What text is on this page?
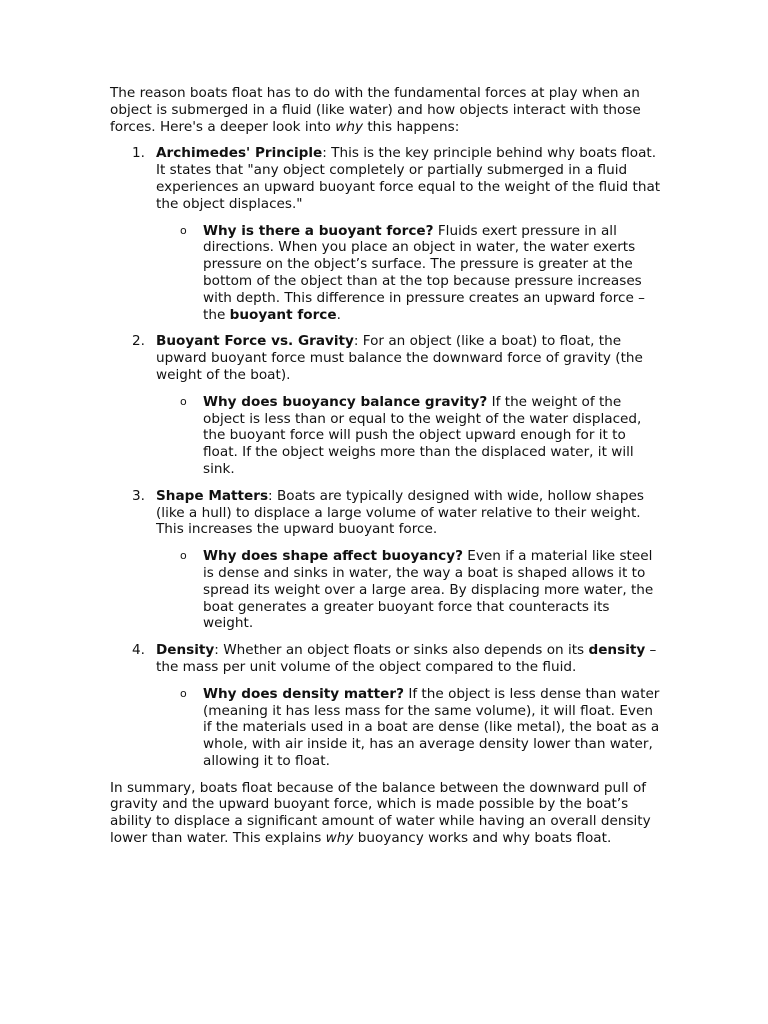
The reason boats float has to do with the fundamental forces at play when an object is submerged in a fluid (like water) and how objects interact with those forces. Here's a deeper look into why this happens:

1. Archimedes' Principle: This is the key principle behind why boats float. It states that "any object completely or partially submerged in a fluid experiences an upward buoyant force equal to the weight of the fluid that the object displaces."

o Why is there a buoyant force? Fluids exert pressure in all directions. When you place an object in water, the water exerts pressure on the object’s surface. The pressure is greater at the bottom of the object than at the top because pressure increases with depth. This difference in pressure creates an upward force – the buoyant force.

2. Buoyant Force vs. Gravity: For an object (like a boat) to float, the upward buoyant force must balance the downward force of gravity (the weight of the boat).

o Why does buoyancy balance gravity? If the weight of the object is less than or equal to the weight of the water displaced, the buoyant force will push the object upward enough for it to float. If the object weighs more than the displaced water, it will sink.

3. Shape Matters: Boats are typically designed with wide, hollow shapes (like a hull) to displace a large volume of water relative to their weight. This increases the upward buoyant force.

o Why does shape affect buoyancy? Even if a material like steel is dense and sinks in water, the way a boat is shaped allows it to spread its weight over a large area. By displacing more water, the boat generates a greater buoyant force that counteracts its weight.

4. Density: Whether an object floats or sinks also depends on its density – the mass per unit volume of the object compared to the fluid.

o Why does density matter? If the object is less dense than water (meaning it has less mass for the same volume), it will float. Even if the materials used in a boat are dense (like metal), the boat as a whole, with air inside it, has an average density lower than water, allowing it to float.

In summary, boats float because of the balance between the downward pull of gravity and the upward buoyant force, which is made possible by the boat’s ability to displace a significant amount of water while having an overall density lower than water. This explains why buoyancy works and why boats float.
